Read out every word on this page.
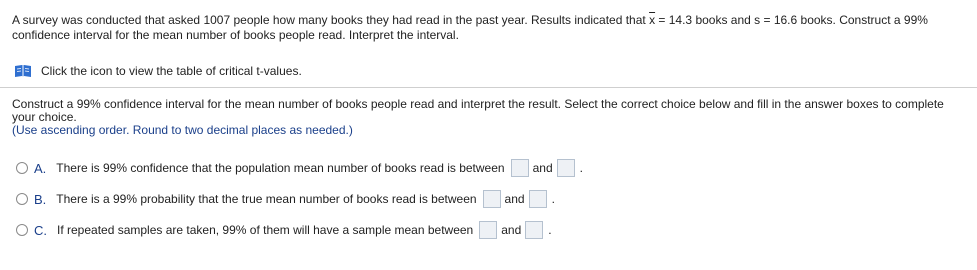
A survey was conducted that asked 1007 people how many books they had read in the past year. Results indicated that $\overline{x} = 14.3$ books and s = 16.6 books. Construct a 99% confidence interval for the mean number of books people read. Interpret the interval.
Click the icon to view the table of critical t-values.
Construct a 99% confidence interval for the mean number of books people read and interpret the result. Select the correct choice below and fill in the answer boxes to complete your choice.
(Use ascending order. Round to two decimal places as needed.)
A. There is 99% confidence that the population mean number of books read is between and .
B. There is a 99% probability that the true mean number of books read is between and .
C. If repeated samples are taken, 99% of them will have a sample mean between and .
